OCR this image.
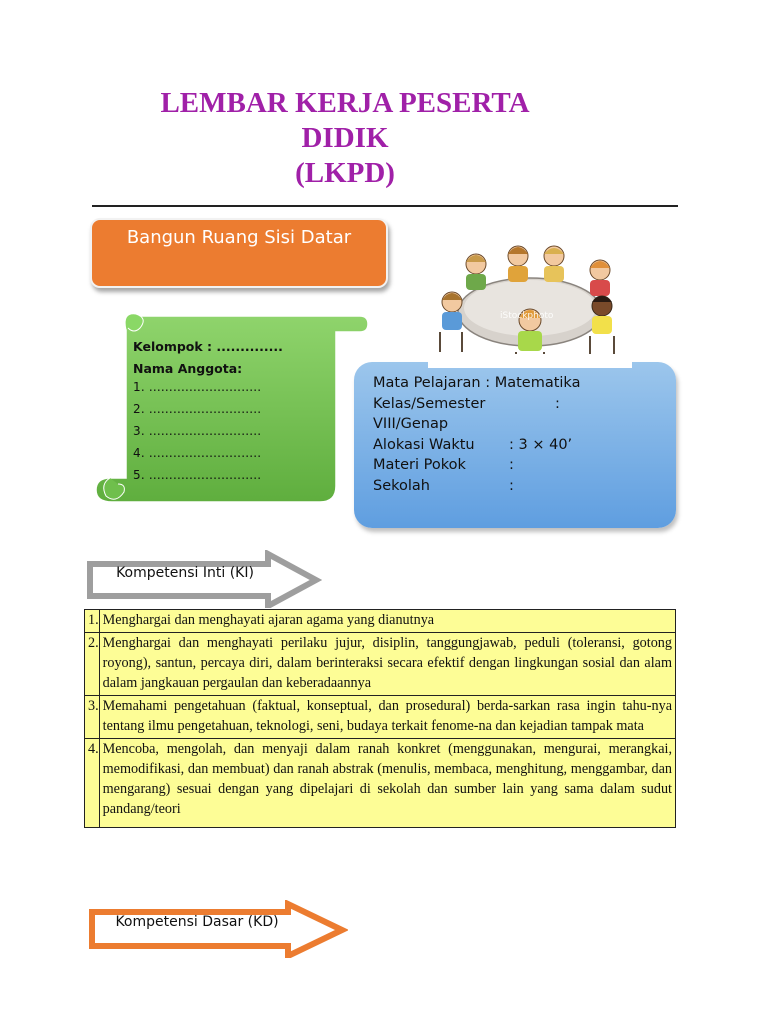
LEMBAR KERJA PESERTA
DIDIK
(LKPD)
Bangun Ruang Sisi Datar
iStockphoto
Kelompok : ..............
Nama Anggota:
1. ............................
2. ............................
3. ............................
4. ............................
5. ............................
Mata Pelajaran : Matematika
Kelas/Semester	:
VIII/Genap
Alokasi Waktu : 3 × 40’
Materi Pokok	:
Sekolah	:
Kompetensi Inti (KI)
1.	Menghargai dan menghayati ajaran agama yang dianutnya
2.	Menghargai dan menghayati perilaku jujur, disiplin, tanggungjawab, peduli (toleransi, gotong royong), santun, percaya diri, dalam berinteraksi secara efektif dengan lingkungan sosial dan alam dalam jangkauan pergaulan dan keberadaannya
3.	Memahami pengetahuan (faktual, konseptual, dan prosedural) berda-sarkan rasa ingin tahu-nya tentang ilmu pengetahuan, teknologi, seni, budaya terkait fenome-na dan kejadian tampak mata
4.	Mencoba, mengolah, dan menyaji dalam ranah konkret (menggunakan, mengurai, merangkai, memodifikasi, dan membuat) dan ranah abstrak (menulis, membaca, menghitung, menggambar, dan mengarang) sesuai dengan yang dipelajari di sekolah dan sumber lain yang sama dalam sudut pandang/teori
Kompetensi Dasar (KD)
